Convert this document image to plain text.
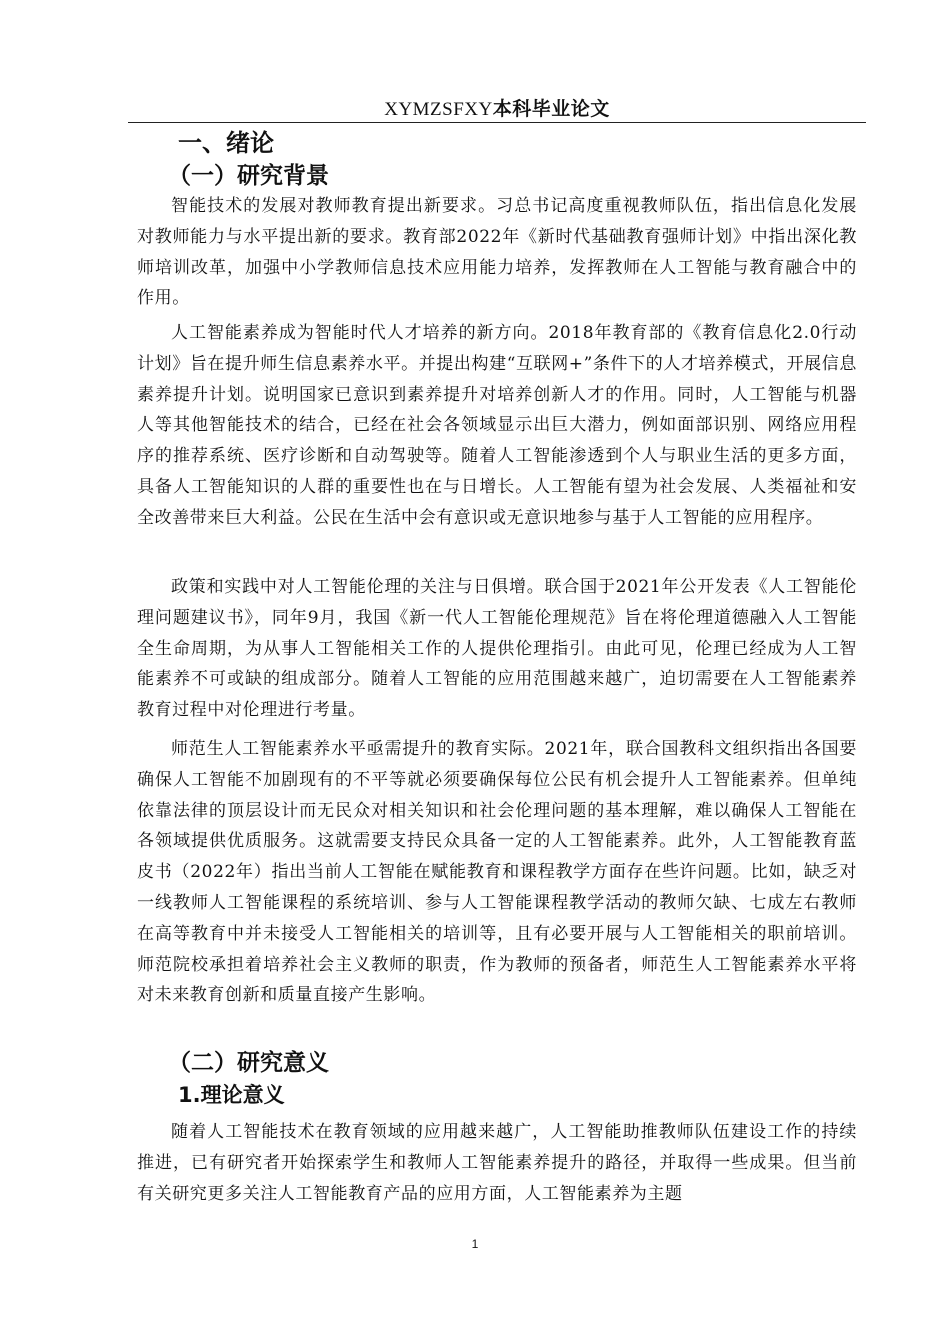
XYMZSFXY本科毕业论文
一、绪论
（一）研究背景

智能技术的发展对教师教育提出新要求。习总书记高度重视教师队伍，指出信息化发展对教师能力与水平提出新的要求。教育部2022年《新时代基础教育强师计划》中指出深化教师培训改革，加强中小学教师信息技术应用能力培养，发挥教师在人工智能与教育融合中的作用。

人工智能素养成为智能时代人才培养的新方向。2018年教育部的《教育信息化2.0行动计划》旨在提升师生信息素养水平。并提出构建“互联网+”条件下的人才培养模式，开展信息素养提升计划。说明国家已意识到素养提升对培养创新人才的作用。同时，人工智能与机器人等其他智能技术的结合，已经在社会各领域显示出巨大潜力，例如面部识别、网络应用程序的推荐系统、医疗诊断和自动驾驶等。随着人工智能渗透到个人与职业生活的更多方面，具备人工智能知识的人群的重要性也在与日增长。人工智能有望为社会发展、人类福祉和安全改善带来巨大利益。公民在生活中会有意识或无意识地参与基于人工智能的应用程序。

政策和实践中对人工智能伦理的关注与日俱增。联合国于2021年公开发表《人工智能伦理问题建议书》，同年9月，我国《新一代人工智能伦理规范》旨在将伦理道德融入人工智能全生命周期，为从事人工智能相关工作的人提供伦理指引。由此可见，伦理已经成为人工智能素养不可或缺的组成部分。随着人工智能的应用范围越来越广，迫切需要在人工智能素养教育过程中对伦理进行考量。

师范生人工智能素养水平亟需提升的教育实际。2021年，联合国教科文组织指出各国要确保人工智能不加剧现有的不平等就必须要确保每位公民有机会提升人工智能素养。但单纯依靠法律的顶层设计而无民众对相关知识和社会伦理问题的基本理解，难以确保人工智能在各领域提供优质服务。这就需要支持民众具备一定的人工智能素养。此外，人工智能教育蓝皮书（2022年）指出当前人工智能在赋能教育和课程教学方面存在些许问题。比如，缺乏对一线教师人工智能课程的系统培训、参与人工智能课程教学活动的教师欠缺、七成左右教师在高等教育中并未接受人工智能相关的培训等，且有必要开展与人工智能相关的职前培训。师范院校承担着培养社会主义教师的职责，作为教师的预备者，师范生人工智能素养水平将对未来教育创新和质量直接产生影响。

（二）研究意义
1.理论意义

随着人工智能技术在教育领域的应用越来越广，人工智能助推教师队伍建设工作的持续推进，已有研究者开始探索学生和教师人工智能素养提升的路径，并取得一些成果。但当前有关研究更多关注人工智能教育产品的应用方面，人工智能素养为主题

1
